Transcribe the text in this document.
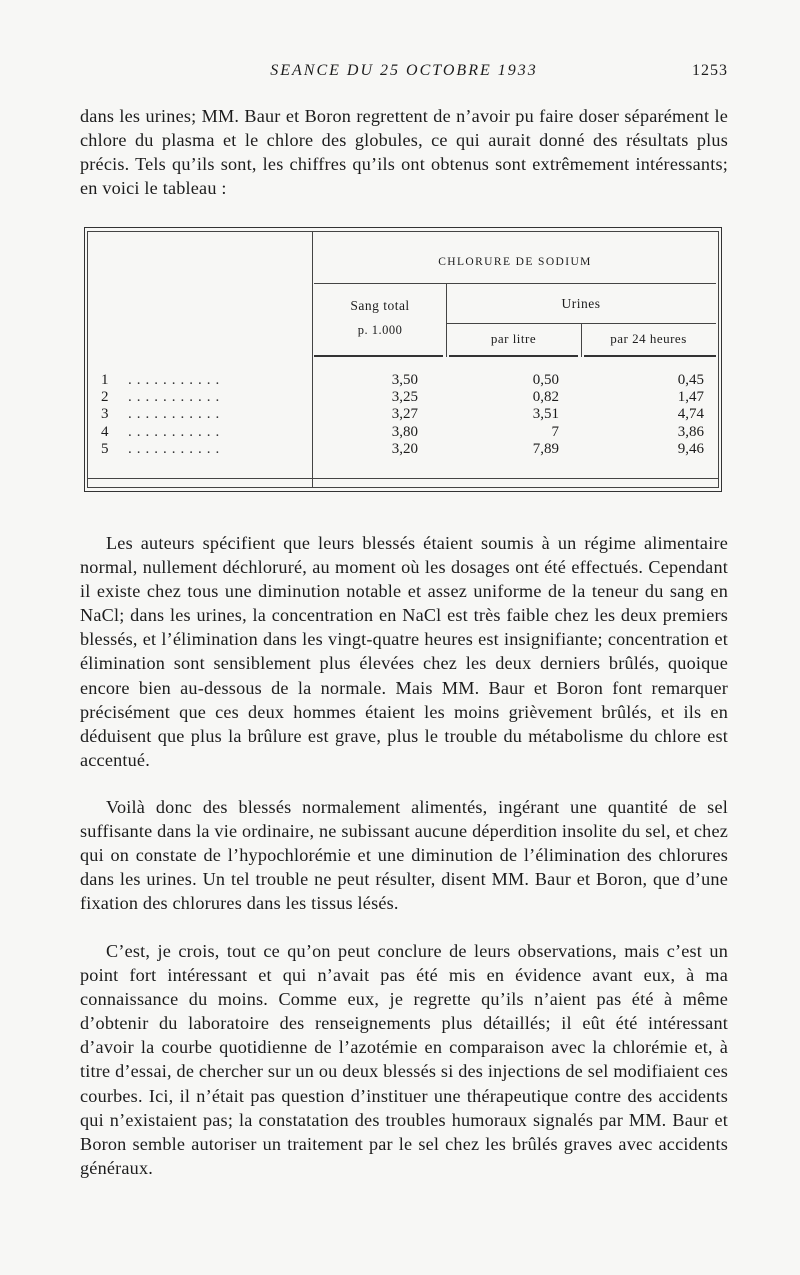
SEANCE DU 25 OCTOBRE 1933	1253

dans les urines; MM. Baur et Boron regrettent de n’avoir pu faire doser séparément le chlore du plasma et le chlore des globules, ce qui aurait donné des résultats plus précis. Tels qu’ils sont, les chiffres qu’ils ont obtenus sont extrêmement intéressants; en voici le tableau :

CHLORURE DE SODIUM
Sang total
p. 1.000
Urines
par litre	par 24 heures
1 ...........	3,50	0,50	0,45
2 ...........	3,25	0,82	1,47
3 ...........	3,27	3,51	4,74
4 ...........	3,80	7	3,86
5 ...........	3,20	7,89	9,46

Les auteurs spécifient que leurs blessés étaient soumis à un régime alimentaire normal, nullement déchloruré, au moment où les dosages ont été effectués. Cependant il existe chez tous une diminution notable et assez uniforme de la teneur du sang en NaCl; dans les urines, la concentration en NaCl est très faible chez les deux premiers blessés, et l’élimination dans les vingt-quatre heures est insignifiante; concentration et élimination sont sensiblement plus élevées chez les deux derniers brûlés, quoique encore bien au-dessous de la normale. Mais MM. Baur et Boron font remarquer précisément que ces deux hommes étaient les moins grièvement brûlés, et ils en déduisent que plus la brûlure est grave, plus le trouble du métabolisme du chlore est accentué.

Voilà donc des blessés normalement alimentés, ingérant une quantité de sel suffisante dans la vie ordinaire, ne subissant aucune déperdition insolite du sel, et chez qui on constate de l’hypochlorémie et une diminution de l’élimination des chlorures dans les urines. Un tel trouble ne peut résulter, disent MM. Baur et Boron, que d’une fixation des chlorures dans les tissus lésés.

C’est, je crois, tout ce qu’on peut conclure de leurs observations, mais c’est un point fort intéressant et qui n’avait pas été mis en évidence avant eux, à ma connaissance du moins. Comme eux, je regrette qu’ils n’aient pas été à même d’obtenir du laboratoire des renseignements plus détaillés; il eût été intéressant d’avoir la courbe quotidienne de l’azotémie en comparaison avec la chlorémie et, à titre d’essai, de chercher sur un ou deux blessés si des injections de sel modifiaient ces courbes. Ici, il n’était pas question d’instituer une thérapeutique contre des accidents qui n’existaient pas; la constatation des troubles humoraux signalés par MM. Baur et Boron semble autoriser un traitement par le sel chez les brûlés graves avec accidents généraux.
